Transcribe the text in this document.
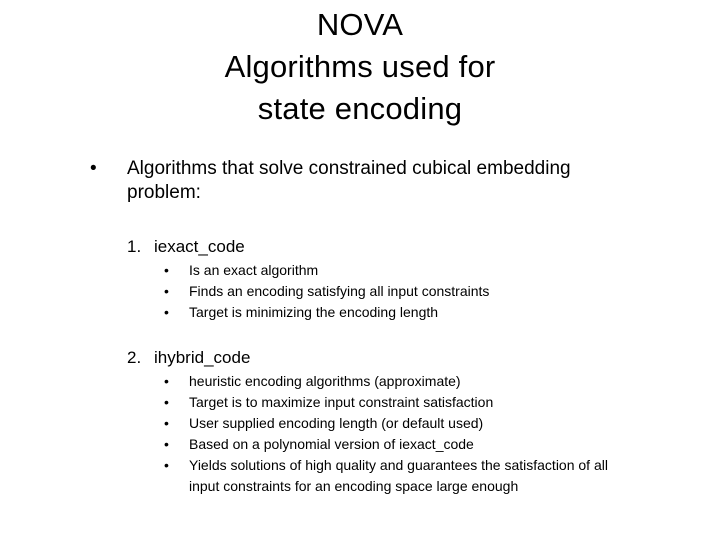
NOVA
Algorithms used for
state encoding
• Algorithms that solve constrained cubical embedding
problem:
1. iexact_code
• Is an exact algorithm
• Finds an encoding satisfying all input constraints
• Target is minimizing the encoding length
2. ihybrid_code
• heuristic encoding algorithms (approximate)
• Target is to maximize input constraint satisfaction
• User supplied encoding length (or default used)
• Based on a polynomial version of iexact_code
• Yields solutions of high quality and guarantees the satisfaction of all
input constraints for an encoding space large enough
